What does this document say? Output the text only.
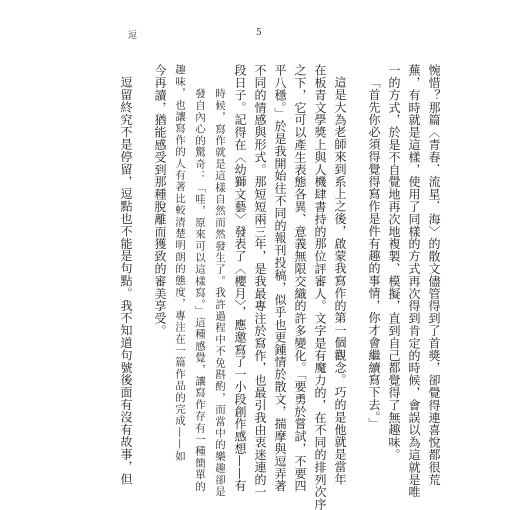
逗	5

惋惜？那篇〈青春．流星．海〉的散文儘管得到了首獎，卻覺得連喜悅都很荒

蕪，有時就是這樣，使用了同樣的方式再次得到肯定的時候，會誤以為這就是唯

一的方式，於是不自覺地再次地複製、模擬，直到自己都覺得了無趣味。

「首先你必須得覺得寫作是件有趣的事情，你才會繼續寫下去。」

這是大為老師來到系上之後，啟蒙我寫作的第一個觀念。巧的是他就是當年

在板青文學獎上與人機肆書持的那位評審人。文字是有魔力的，在不同的排列次序

之下，它可以產生表態各異、意義無限交織的許多變化。「要勇於嘗試，不要四

平八穩。」於是我開始往不同的報刊投稿，似乎也更鍾情於散文，揣摩與逗弄著

不同的情感與形式。那短短兩三年，是我最專注於寫作，也最引我由衷迷連的一

段日子。記得在〈幼獅文藝〉發表了〈櫻月〉，應邀寫了一小段創作感想——有

時候，寫作就是這樣自然而然發生了。我許過程中不免斟酌，而當中的樂趣卻是

發自內心的驚奇：「哇，原來可以這樣寫。」這種感覺，讓寫作存有一種簡單的

趣味，也讓寫作的人有著比較清楚明朗的態度，專注在一篇作品的完成——如

今再讀，猶能感受到那種脫離而獲致的審美享受。

逗留終究不是停留，逗點也不能是句點。我不知道句號後面有沒有故事，但
